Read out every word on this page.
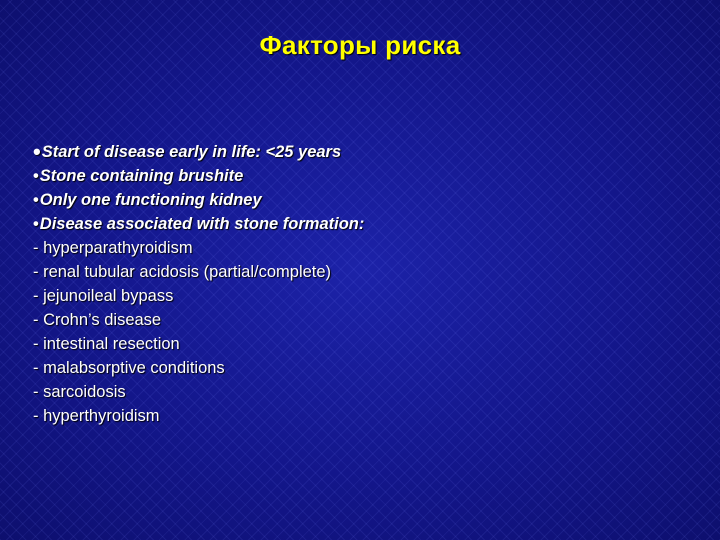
Факторы риска
•Start of disease early in life: <25 years
•Stone containing brushite
•Only one functioning kidney
•Disease associated with stone formation:
- hyperparathyroidism
- renal tubular acidosis (partial/complete)
- jejunoileal bypass
- Crohn’s disease
- intestinal resection
- malabsorptive conditions
- sarcoidosis
- hyperthyroidism
